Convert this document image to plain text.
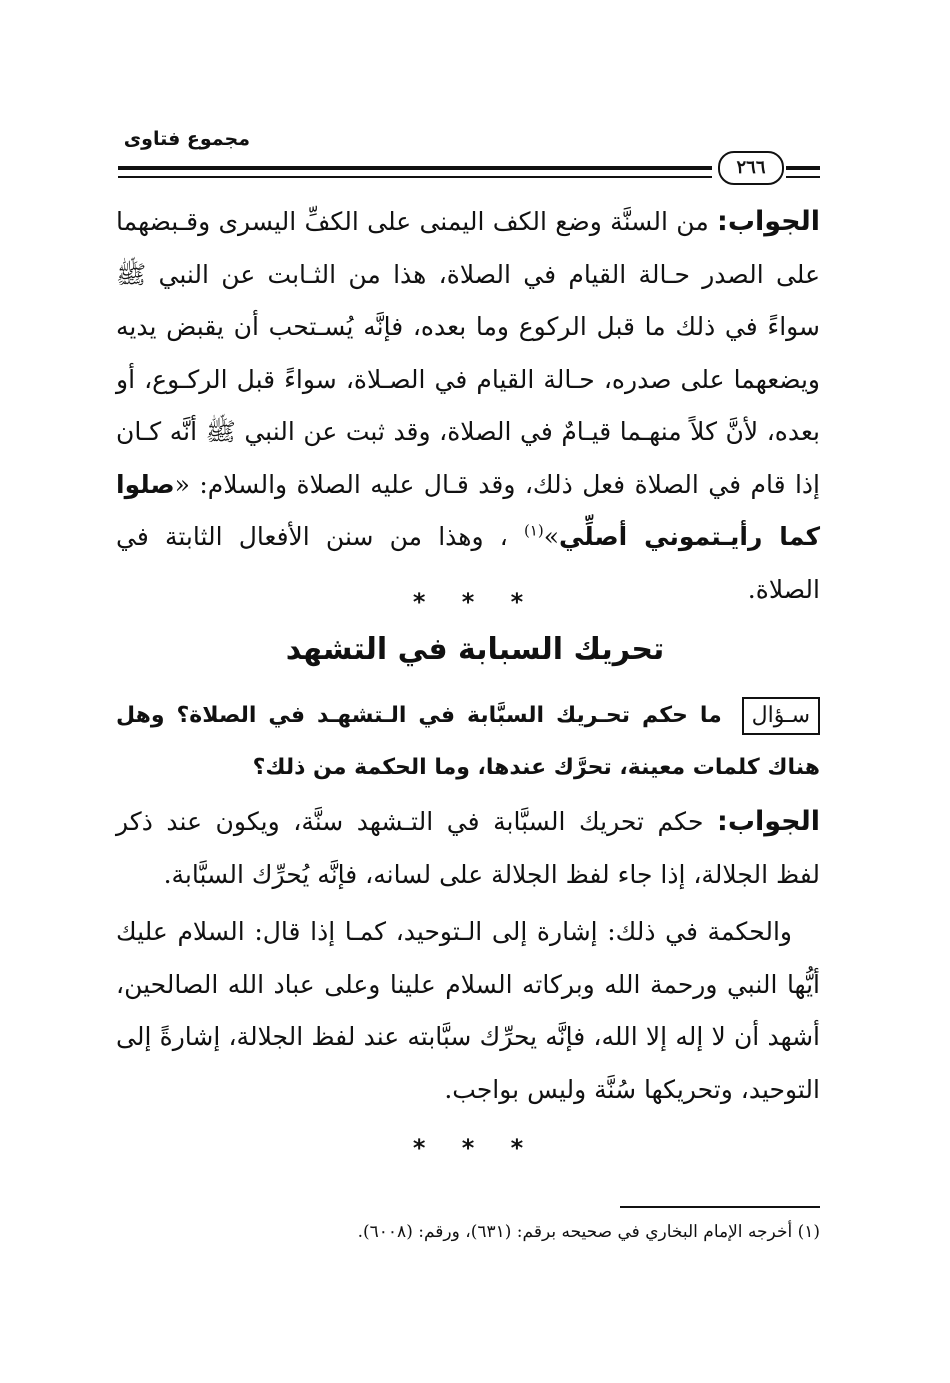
مجموع فتاوى
٢٦٦
الجواب: من السنَّة وضع الكف اليمنى على الكفِّ اليسرى وقـبضهما على الصدر حـالة القيام في الصلاة، هذا من الثـابت عن النبي ﷺ سواءً في ذلك ما قبل الركوع وما بعده، فإنَّه يُسـتحب أن يقبض يديه ويضعهما على صدره، حـالة القيام في الصـلاة، سواءً قبل الركـوع، أو بعده، لأنَّ كلاً منهـما قيـامٌ في الصلاة، وقد ثبت عن النبي ﷺ أنَّه كـان إذا قام في الصلاة فعل ذلك، وقد قـال عليه الصلاة والسلام: «صلوا كما رأيـتموني أصلِّي»$^{(١)}$ ، وهذا من سنن الأفعال الثابتة في الصلاة.
* * *
تحريك السبابة في التشهد
سـؤال ما حكم تحـريك السبَّابة في الـتشهـد في الصلاة؟ وهل هناك كلمات معينة، تحرَّك عندها، وما الحكمة من ذلك؟
الجواب: حكم تحريك السبَّابة في التـشهد سنَّة، ويكون عند ذكر لفظ الجلالة، إذا جاء لفظ الجلالة على لسانه، فإنَّه يُحرِّك السبَّابة.
والحكمة في ذلك: إشارة إلى الـتوحيد، كمـا إذا قال: السلام عليك أيُّها النبي ورحمة الله وبركاته السلام علينا وعلى عباد الله الصالحين، أشهد أن لا إله إلا الله، فإنَّه يحرِّك سبَّابته عند لفظ الجلالة، إشارةً إلى التوحيد، وتحريكها سُنَّة وليس بواجب.
* * *
(١) أخرجه الإمام البخاري في صحيحه برقم: (٦٣١)، ورقم: (٦٠٠٨).
